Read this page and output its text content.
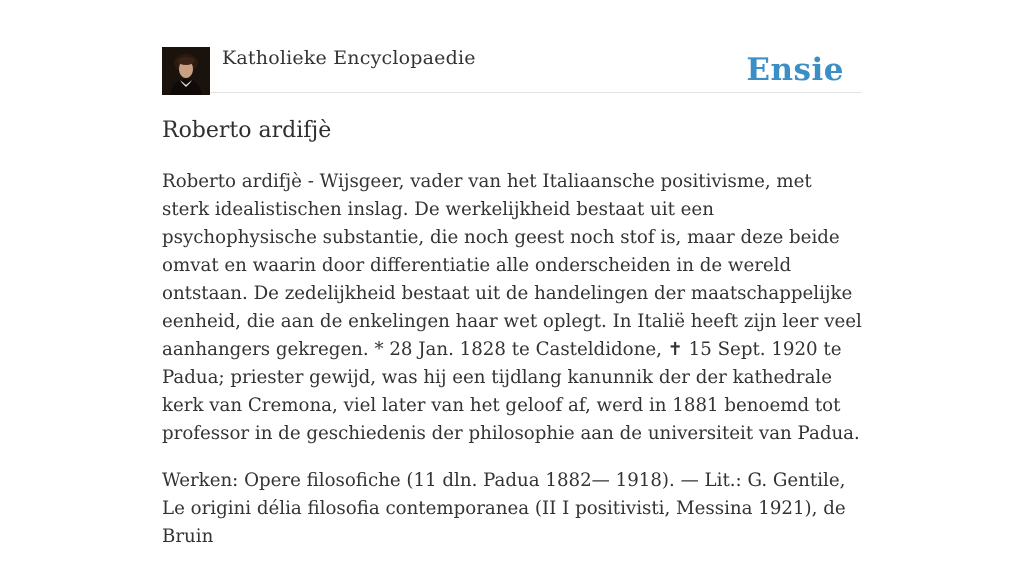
Katholieke Encyclopaedie	Ensie
Roberto ardifjè

Roberto ardifjè - Wijsgeer, vader van het Italiaansche positivisme, met sterk idealistischen inslag. De werkelijkheid bestaat uit een psychophysische substantie, die noch geest noch stof is, maar deze beide omvat en waarin door differentiatie alle onderscheiden in de wereld ontstaan. De zedelijkheid bestaat uit de handelingen der maatschappelijke eenheid, die aan de enkelingen haar wet oplegt. In Italië heeft zijn leer veel aanhangers gekregen. * 28 Jan. 1828 te Casteldidone, ✝ 15 Sept. 1920 te Padua; priester gewijd, was hij een tijdlang kanunnik der der kathedrale kerk van Cremona, viel later van het geloof af, werd in 1881 benoemd tot professor in de geschiedenis der philosophie aan de universiteit van Padua.

Werken: Opere filosofiche (11 dln. Padua 1882— 1918). — Lit.: G. Gentile, Le origini délia filosofia contemporanea (II I positivisti, Messina 1921), de Bruin
